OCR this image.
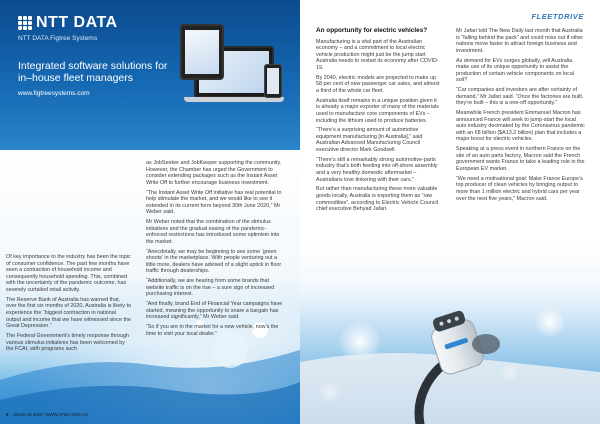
NTT DATA
NTT DATA Figtree Systems
Integrated software solutions for in–house fleet managers
www.figtreesystems.com

Of key importance to the industry has been the topic of consumer confidence. The past few months have seen a contraction of household income and consequently household spending. This, combined with the uncertainty of the pandemic outcome, has severely curtailed retail activity.

The Reserve Bank of Australia has warned that, over the first six months of 2020, Australia is likely to experience the “biggest contraction in national output and income that we have witnessed since the Great Depression.”

The Federal Government’s timely response through various stimulus initiatives has been welcomed by the FCAI, with programs such

as JobSeeker and JobKeeper supporting the community. However, the Chamber has urged the Government to consider extending packages such as the Instant Asset Write Off to further encourage business investment.

“The Instant Asset Write Off initiative has real potential to help stimulate the market, and we would like to see it extended in its current form beyond 30th June 2020,” Mr Weber said.

Mr Weber noted that the combination of the stimulus initiatives and the gradual easing of the pandemic-enforced restrictions has introduced some optimism into the market.

“Anecdotally, we may be beginning to see some ‘green shoots’ in the marketplace. With people venturing out a little more, dealers have advised of a slight uptick in floor traffic through dealerships.

“Additionally, we are hearing from some brands that website traffic is on the rise – a sure sign of increased purchasing interest.

“And finally, brand End of Financial Year campaigns have started, meaning the opportunity to snare a bargain has increased significantly,” Mr Weber said.

“So if you are in the market for a new vehicle, now’s the time to visit your local dealer.”

6 ISSUE 33 2020 / WWW.AFMA.ORG.AU
FLEETDRIVE
An opportunity for electric vehicles?

Manufacturing is a vital part of the Australian economy – and a commitment to local electric vehicle production might just be the jump start Australia needs to restart its economy after COVID-19.

By 2040, electric models are projected to make up 58 per cent of new passenger car sales, and almost a third of the whole car fleet.

Australia itself remains in a unique position given it is already a major exporter of many of the materials used to manufacture core components of EVs – including the lithium used to produce batteries.

“There’s a surprising amount of automotive equipment manufacturing [in Australia],” said Australian Advanced Manufacturing Council executive director Mark Goodsell.

“There’s still a remarkably strong automotive-parts industry that’s both feeding into off-shore assembly and a very healthy domestic aftermarket – Australians love tinkering with their cars.”

But rather than manufacturing these more valuable goods locally, Australia is exporting them as “raw commodities”, according to Electric Vehicle Council chief executive Behyad Jafari.

Mr Jafari told The New Daily last month that Australia is “falling behind the pack” and could miss out if other nations move faster to attract foreign business and investment.

As demand for EVs surges globally, will Australia make use of its unique opportunity to assist the production of certain vehicle components on local soil?

“Car companies and investors are after certainty of demand,” Mr Jafari said. “Once the factories are built, they’re built – this is a one-off opportunity.”

Meanwhile French president Emmanuel Macron has announced France will seek to jump-start the local auto industry decimated by the Coronavirus pandemic with an €8 billion ($A13.2 billion) plan that includes a major boost for electric vehicles.

Speaking at a press event in northern France on the site of an auto parts factory, Macron said the French government wants France to take a leading role in the European EV market.

“We need a motivational goal: Make France Europe’s top producer of clean vehicles by bringing output to more than 1 million electric and hybrid cars per year over the next five years,” Macron said.
